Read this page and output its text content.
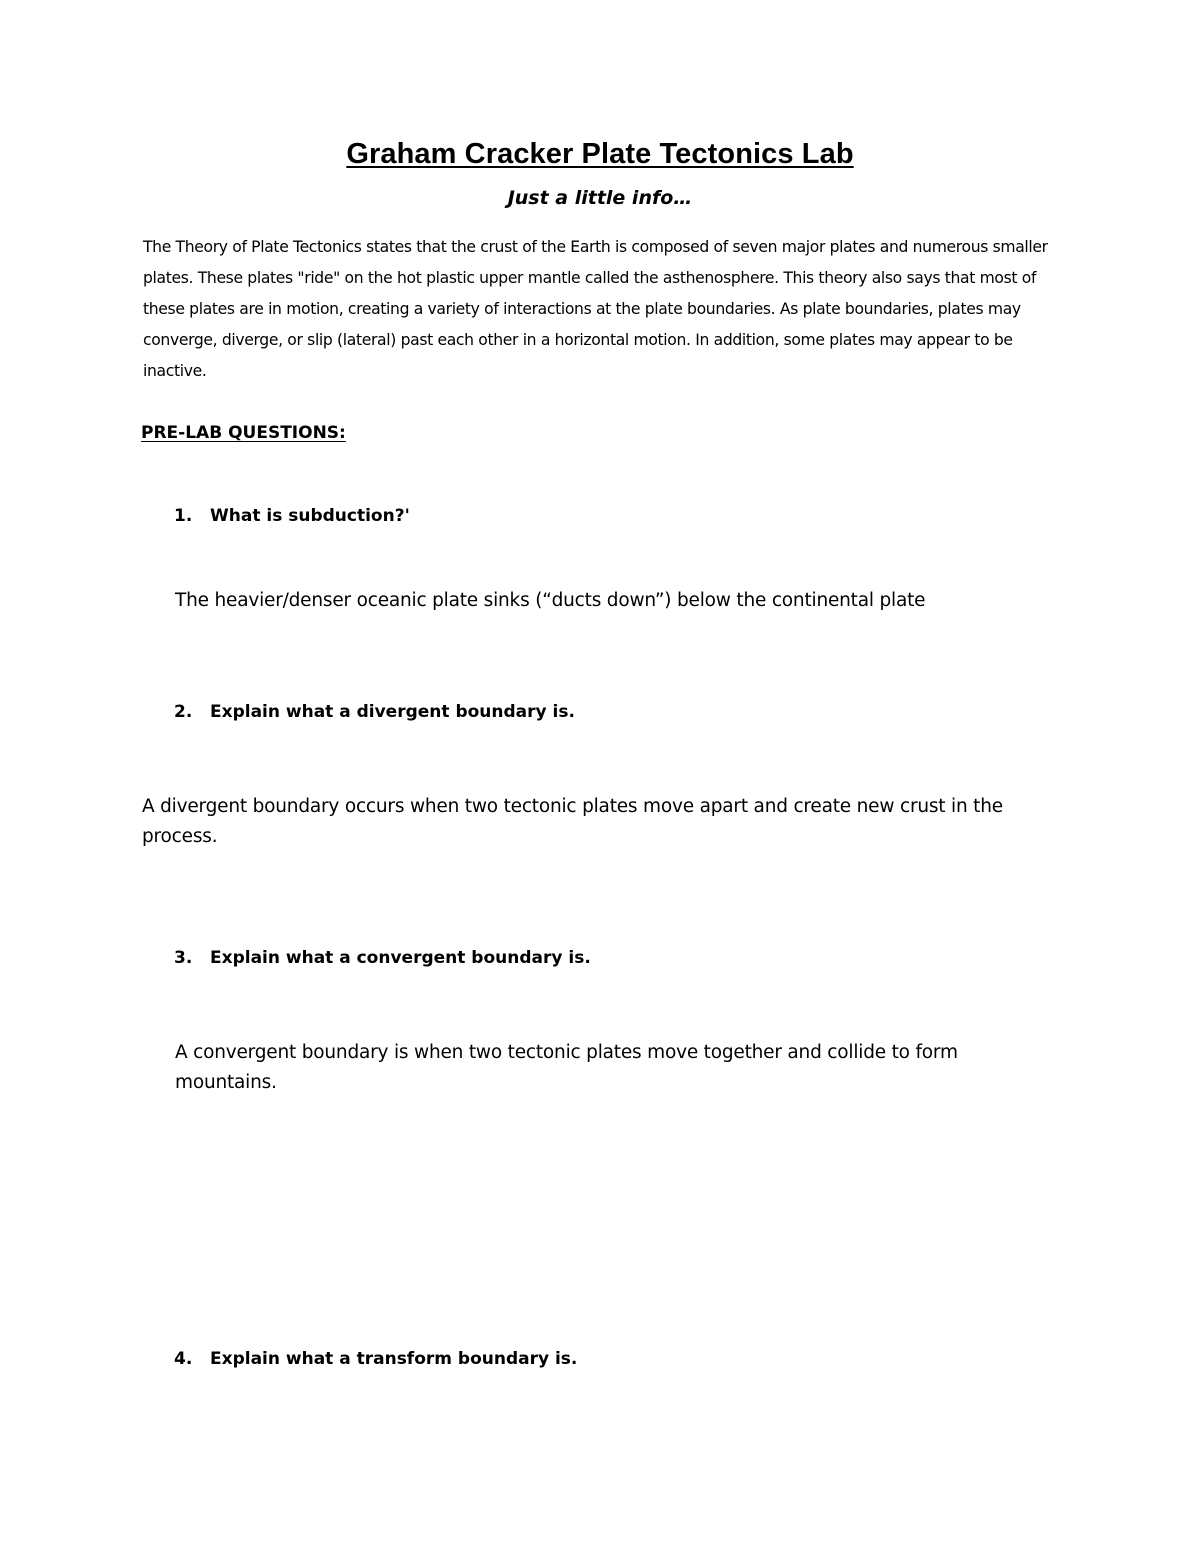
Graham Cracker Plate Tectonics Lab
Just a little info…

The Theory of Plate Tectonics states that the crust of the Earth is composed of seven major plates and numerous smaller plates. These plates "ride" on the hot plastic upper mantle called the asthenosphere. This theory also says that most of these plates are in motion, creating a variety of interactions at the plate boundaries. As plate boundaries, plates may converge, diverge, or slip (lateral) past each other in a horizontal motion. In addition, some plates may appear to be inactive.

PRE-LAB QUESTIONS:
1. What is subduction?'

The heavier/denser oceanic plate sinks (“ducts down”) below the continental plate

2. Explain what a divergent boundary is.

A divergent boundary occurs when two tectonic plates move apart and create new crust in the process.

3. Explain what a convergent boundary is.

A convergent boundary is when two tectonic plates move together and collide to form mountains.

4. Explain what a transform boundary is.
